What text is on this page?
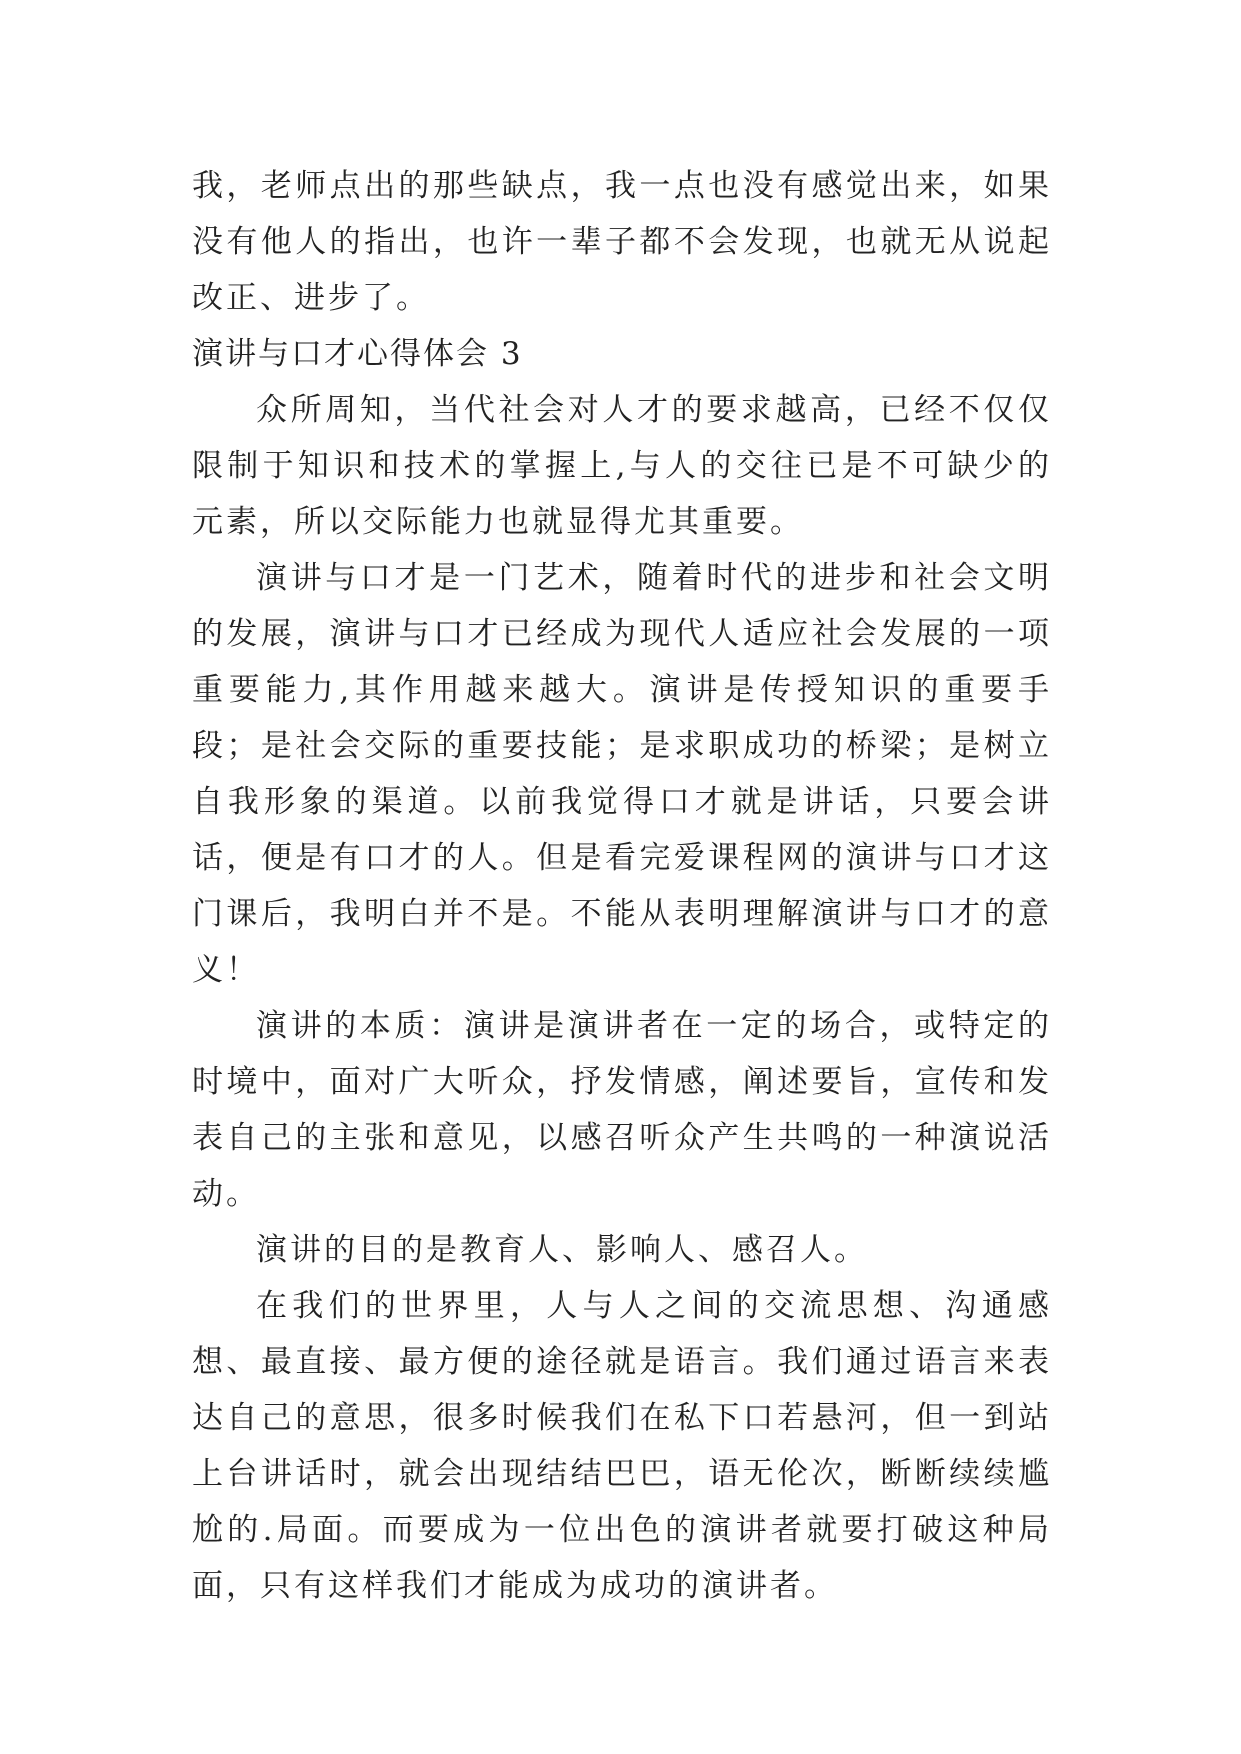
我，老师点出的那些缺点，我一点也没有感觉出来，如果没有他人的指出，也许一辈子都不会发现，也就无从说起改正、进步了。

演讲与口才心得体会 3

众所周知，当代社会对人才的要求越高，已经不仅仅限制于知识和技术的掌握上,与人的交往已是不可缺少的元素，所以交际能力也就显得尤其重要。

演讲与口才是一门艺术，随着时代的进步和社会文明的发展，演讲与口才已经成为现代人适应社会发展的一项重要能力,其作用越来越大。演讲是传授知识的重要手段；是社会交际的重要技能；是求职成功的桥梁；是树立自我形象的渠道。以前我觉得口才就是讲话，只要会讲话，便是有口才的人。但是看完爱课程网的演讲与口才这门课后，我明白并不是。不能从表明理解演讲与口才的意义！

演讲的本质：演讲是演讲者在一定的场合，或特定的时境中，面对广大听众，抒发情感，阐述要旨，宣传和发表自己的主张和意见，以感召听众产生共鸣的一种演说活动。

演讲的目的是教育人、影响人、感召人。

在我们的世界里，人与人之间的交流思想、沟通感想、最直接、最方便的途径就是语言。我们通过语言来表达自己的意思，很多时候我们在私下口若悬河，但一到站上台讲话时，就会出现结结巴巴，语无伦次，断断续续尴尬的.局面。而要成为一位出色的演讲者就要打破这种局面，只有这样我们才能成为成功的演讲者。
